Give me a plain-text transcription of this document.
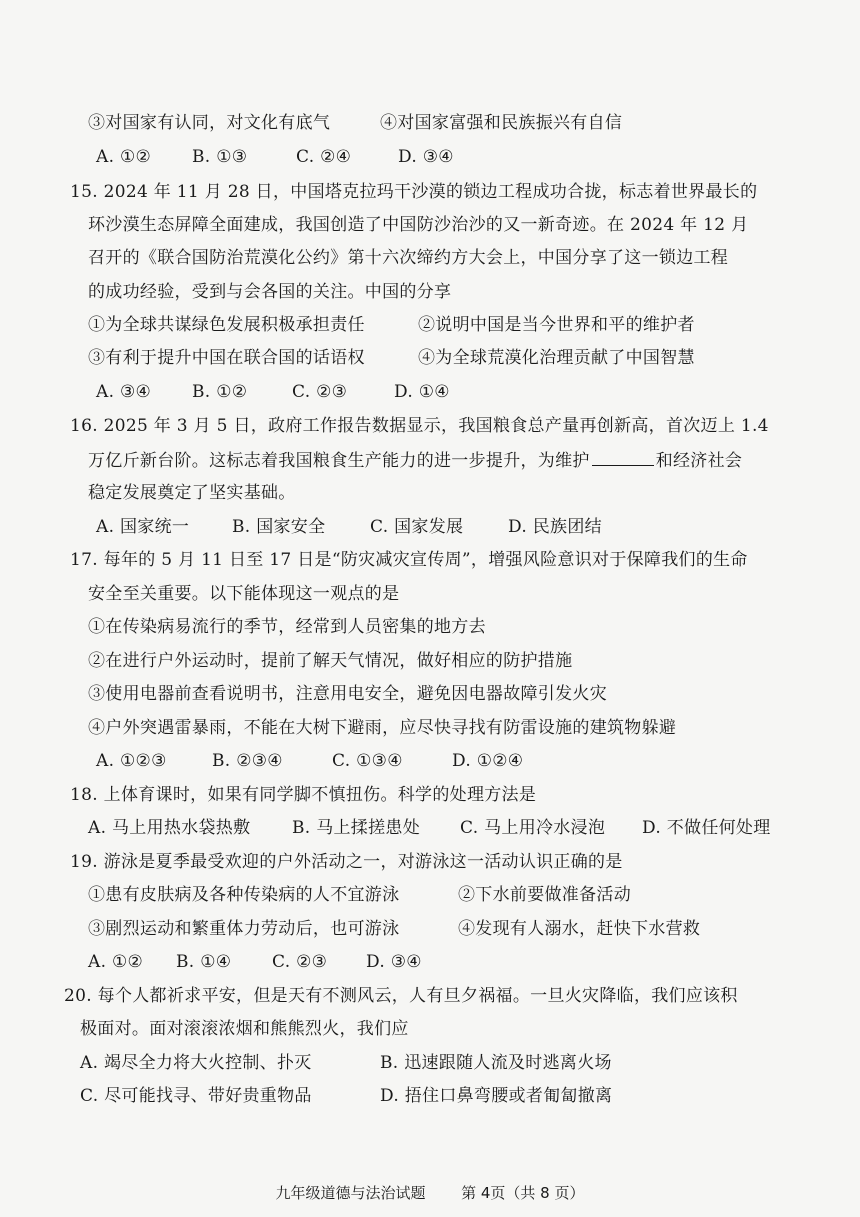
③对国家有认同，对文化有底气	④对国家富强和民族振兴有自信
A. ①② B. ①③	C. ②④	D. ③④
15. 2024 年 11 月 28 日，中国塔克拉玛干沙漠的锁边工程成功合拢，标志着世界最长的
环沙漠生态屏障全面建成，我国创造了中国防沙治沙的又一新奇迹。在 2024 年 12 月
召开的《联合国防治荒漠化公约》第十六次缔约方大会上，中国分享了这一锁边工程
的成功经验，受到与会各国的关注。中国的分享
①为全球共谋绿色发展积极承担责任	②说明中国是当今世界和平的维护者
③有利于提升中国在联合国的话语权	④为全球荒漠化治理贡献了中国智慧
A. ③④ B. ①②	C. ②③	D. ①④
16. 2025 年 3 月 5 日，政府工作报告数据显示，我国粮食总产量再创新高，首次迈上 1.4
万亿斤新台阶。这标志着我国粮食生产能力的进一步提升，为维护	和经济社会
稳定发展奠定了坚实基础。
A. 国家统一	B. 国家安全	C. 国家发展	D. 民族团结
17. 每年的 5 月 11 日至 17 日是“防灾减灾宣传周”，增强风险意识对于保障我们的生命
安全至关重要。以下能体现这一观点的是
①在传染病易流行的季节，经常到人员密集的地方去
②在进行户外运动时，提前了解天气情况，做好相应的防护措施
③使用电器前查看说明书，注意用电安全，避免因电器故障引发火灾
④户外突遇雷暴雨，不能在大树下避雨，应尽快寻找有防雷设施的建筑物躲避
A. ①②③	B. ②③④	C. ①③④	D. ①②④
18. 上体育课时，如果有同学脚不慎扭伤。科学的处理方法是
A. 马上用热水袋热敷 B. 马上揉搓患处 C. 马上用冷水浸泡 D. 不做任何处理
19. 游泳是夏季最受欢迎的户外活动之一，对游泳这一活动认识正确的是
①患有皮肤病及各种传染病的人不宜游泳	②下水前要做准备活动
③剧烈运动和繁重体力劳动后，也可游泳	④发现有人溺水，赶快下水营救
A. ①② B. ①④ C. ②③ D. ③④
20. 每个人都祈求平安，但是天有不测风云，人有旦夕祸福。一旦火灾降临，我们应该积
极面对。面对滚滚浓烟和熊熊烈火，我们应
A. 竭尽全力将大火控制、扑灭	B. 迅速跟随人流及时逃离火场
C. 尽可能找寻、带好贵重物品	D. 捂住口鼻弯腰或者匍匐撤离
九年级道德与法治试题 第 4页（共 8 页）
